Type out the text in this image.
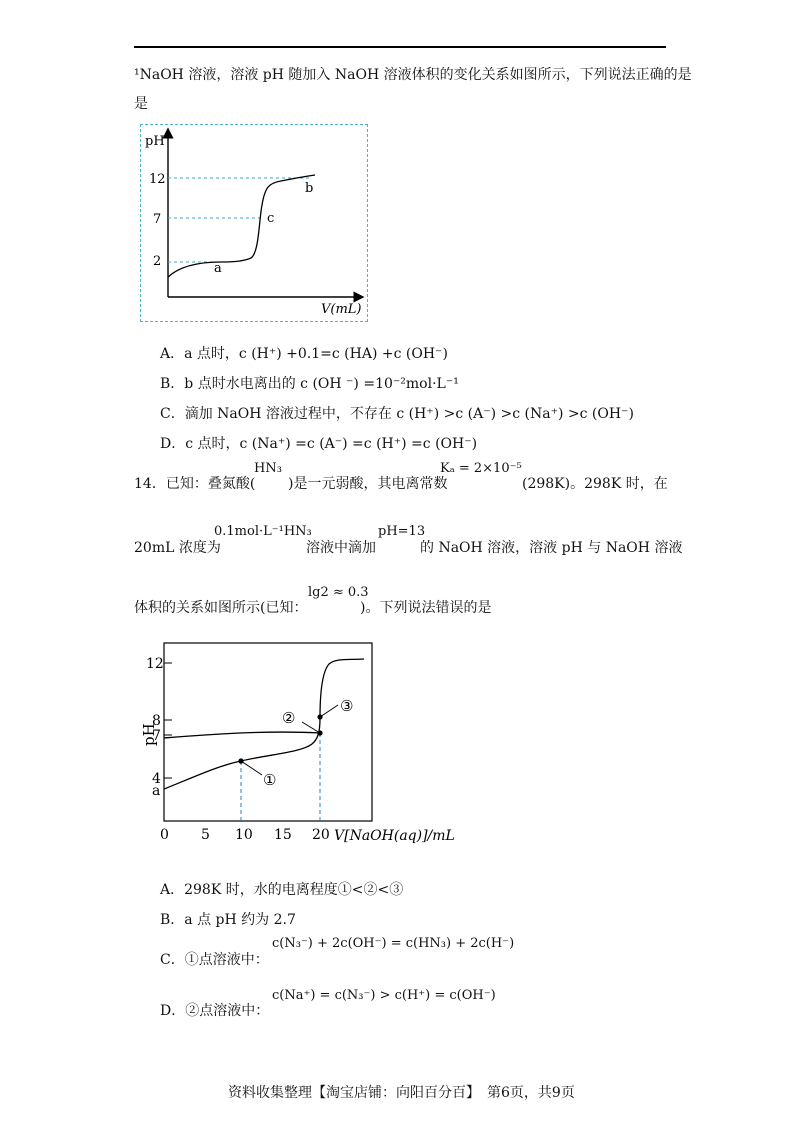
¹NaOH 溶液，溶液 pH 随加入 NaOH 溶液体积的变化关系如图所示，下列说法正确的是
是
pH
12
7
2	a
b
c
V(mL)
A．a 点时，c (H⁺) +0.1=c (HA) +c (OH⁻)
B．b 点时水电离出的 c (OH ⁻) =10⁻²mol·L⁻¹
C．滴加 NaOH 溶液过程中，不存在 c (H⁺) >c (A⁻) >c (Na⁺) >c (OH⁻)
D．c 点时，c (Na⁺) =c (A⁻) =c (H⁺) =c (OH⁻)
14．已知：叠氮酸(
HN₃
)是一元弱酸，其电离常数
Kₐ = 2×10⁻⁵
(298K)。298K 时，在
20mL 浓度为
0.1mol·L⁻¹HN₃
溶液中滴加
pH=13
的 NaOH 溶液，溶液 pH 与 NaOH 溶液
体积的关系如图所示(已知：
lg2 ≈ 0.3
)。下列说法错误的是
①
②
③
12
8
7
4
a
pH
0 5 10 15 20 V[NaOH(aq)]/mL
A．298K 时，水的电离程度①<②<③
B．a 点 pH 约为 2.7
C．①点溶液中：
c(N₃⁻) + 2c(OH⁻) = c(HN₃) + 2c(H⁻)
D．②点溶液中：
c(Na⁺) = c(N₃⁻) > c(H⁺) = c(OH⁻)
资料收集整理【淘宝店铺：向阳百分百】　第6页，共9页
